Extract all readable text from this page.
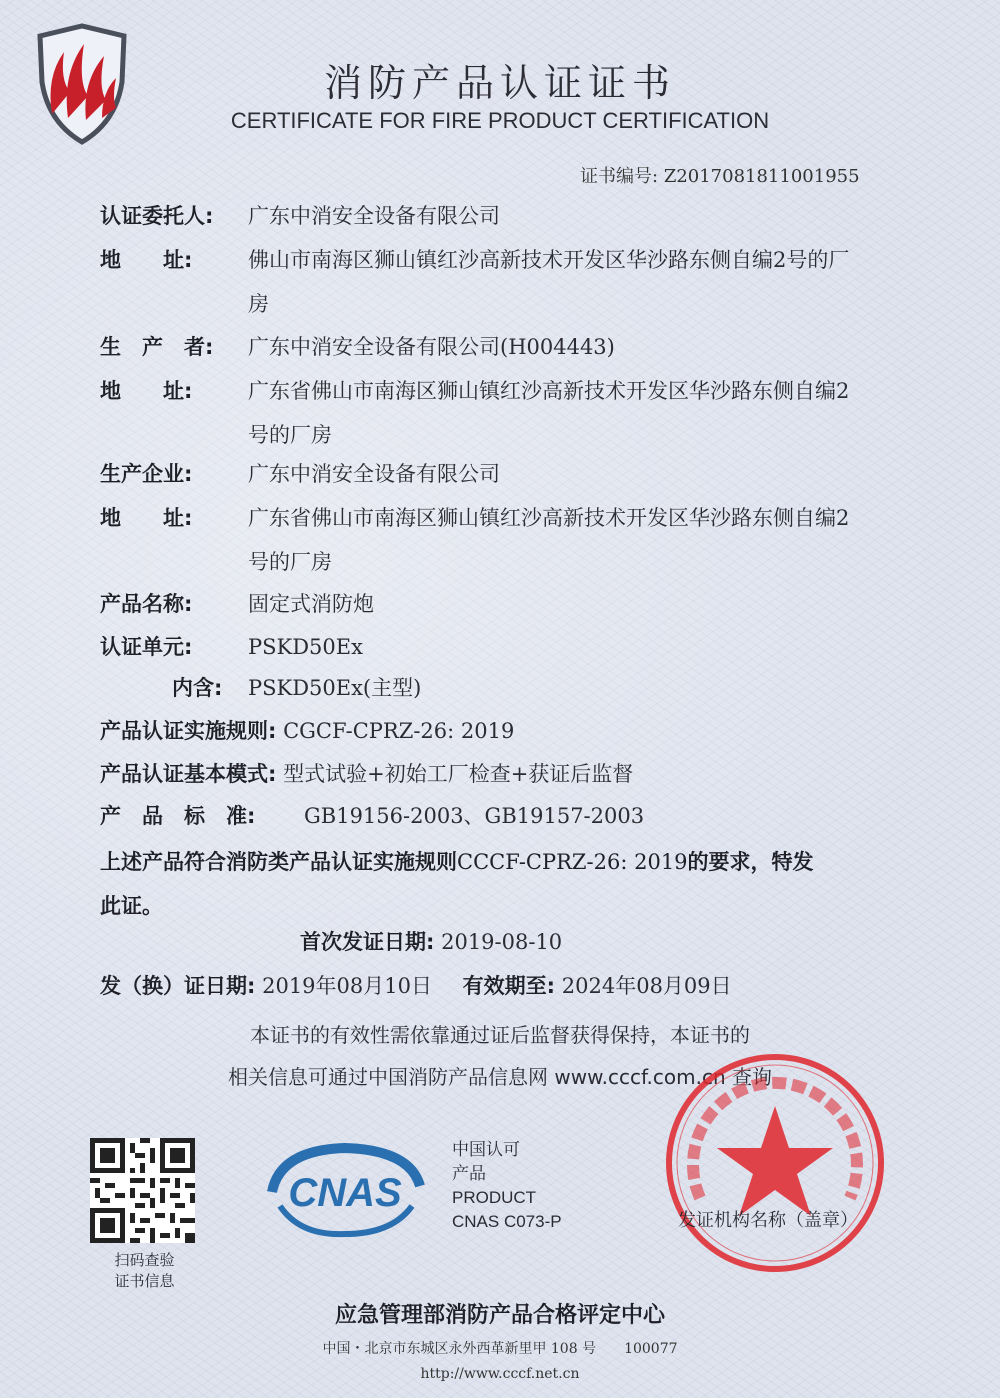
消防产品认证证书
CERTIFICATE FOR FIRE PRODUCT CERTIFICATION
证书编号: Z2017081811001955
认证委托人: 广东中消安全设备有限公司
地　　址:	佛山市南海区狮山镇红沙高新技术开发区华沙路东侧自编2号的厂
房
生　产　者: 广东中消安全设备有限公司(H004443)
地　　址:	广东省佛山市南海区狮山镇红沙高新技术开发区华沙路东侧自编2
号的厂房
生产企业:	广东中消安全设备有限公司
地　　址:	广东省佛山市南海区狮山镇红沙高新技术开发区华沙路东侧自编2
号的厂房
产品名称:	固定式消防炮
认证单元:	PSKD50Ex
内含: PSKD50Ex(主型)
产品认证实施规则: CGCF-CPRZ-26: 2019
产品认证基本模式: 型式试验+初始工厂检查+获证后监督
产　品　标　准: GB19156-2003、GB19157-2003
上述产品符合消防类产品认证实施规则CCCF-CPRZ-26: 2019的要求，特发
此证。
首次发证日期: 2019-08-10
发（换）证日期: 2019年08月10日 有效期至: 2024年08月09日
本证书的有效性需依靠通过证后监督获得保持，本证书的
相关信息可通过中国消防产品信息网 www.cccf.com.cn 查询
扫码查验
证书信息
CNAS
中国认可
产品
PRODUCT
CNAS C073-P	发证机构名称（盖章）
应急管理部消防产品合格评定中心
中国・北京市东城区永外西革新里甲 108 号　　100077
http://www.cccf.net.cn
